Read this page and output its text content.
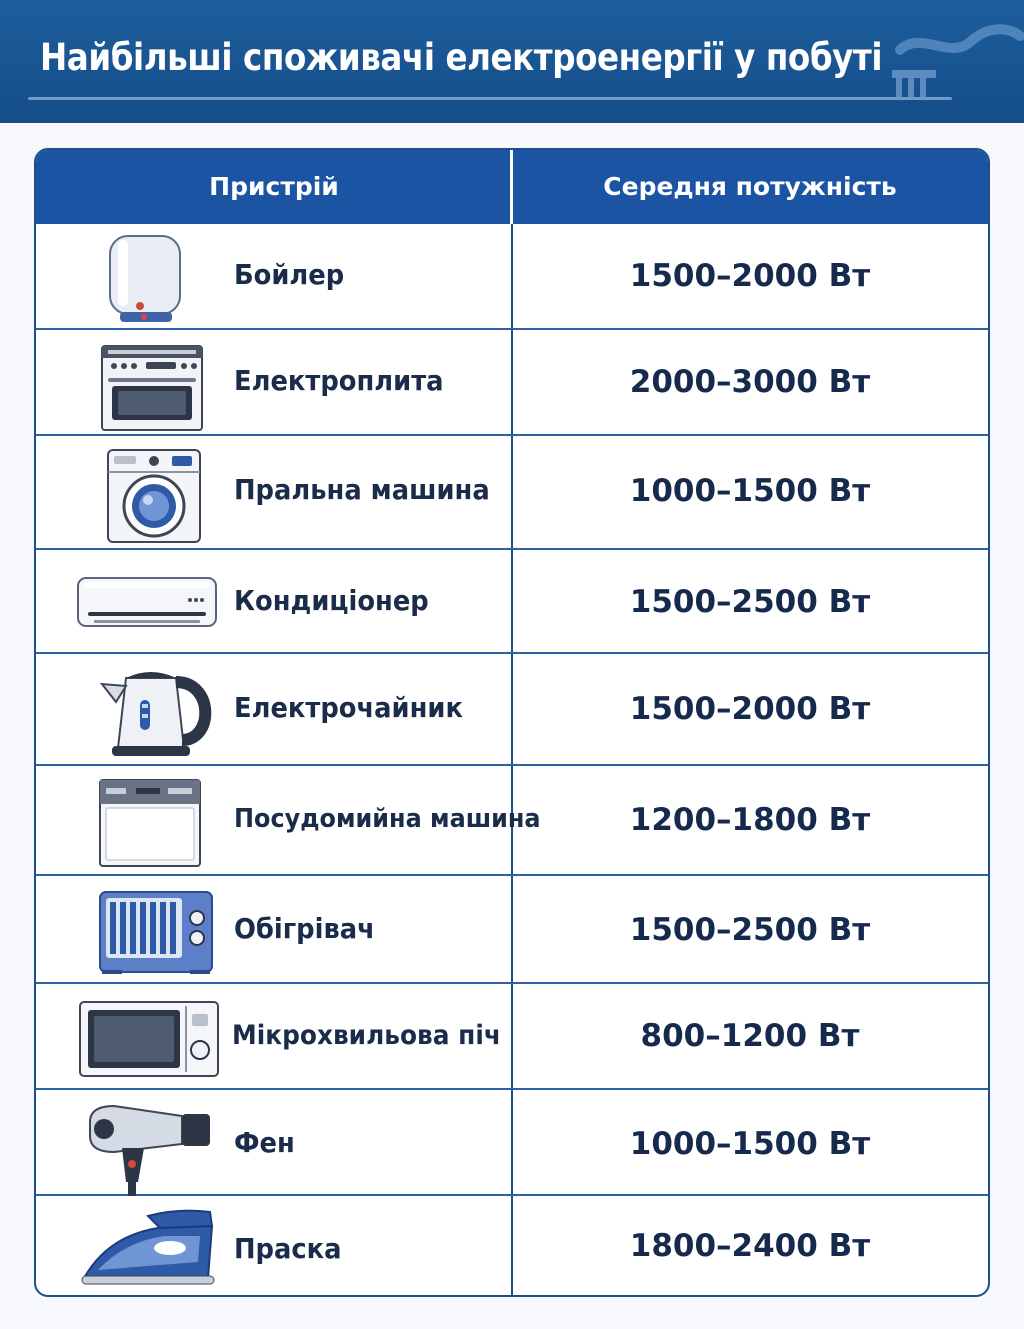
Найбільші споживачі електроенергії у побуті
Пристрій	Середня потужність
Бойлер	1500–2000 Вт
Електроплита	2000–3000 Вт
Пральна машина	1000–1500 Вт
Кондиціонер	1500–2500 Вт
Електрочайник	1500–2000 Вт
Посудомийна машина	1200–1800 Вт
Обігрівач	1500–2500 Вт
Мікрохвильова піч	800–1200 Вт
Фен	1000–1500 Вт
Праска	1800–2400 Вт
